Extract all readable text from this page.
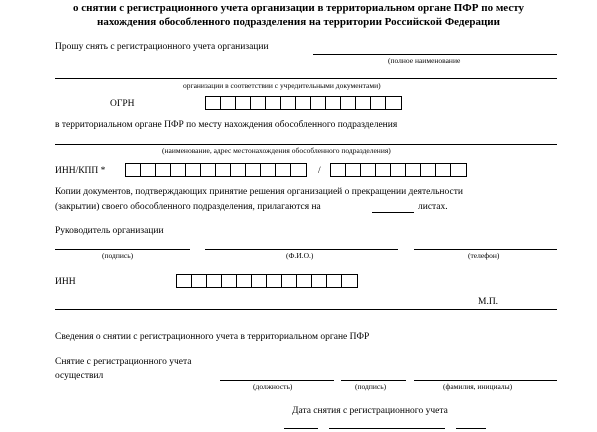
о снятии с регистрационного учета организации в территориальном органе ПФР по месту
нахождения обособленного подразделения на территории Российской Федерации
Прошу снять с регистрационного учета организации
(полное наименование
организации в соответствии с учредительными документами)
ОГРН
в территориальном органе ПФР по месту нахождения обособленного подразделения
(наименование, адрес местонахождения обособленного подразделения)
ИНН/КПП *	/
Копии документов, подтверждающих принятие решения организацией о прекращении деятельности
(закрытии) своего обособленного подразделения, прилагаются на	листах.
Руководитель организации
(подпись)	(Ф.И.О.)	(телефон)
ИНН
М.П.
Сведения о снятии с регистрационного учета в территориальном органе ПФР
Снятие с регистрационного учета
осуществил
(должность)	(подпись)	(фамилия, инициалы)
Дата снятия с регистрационного учета
